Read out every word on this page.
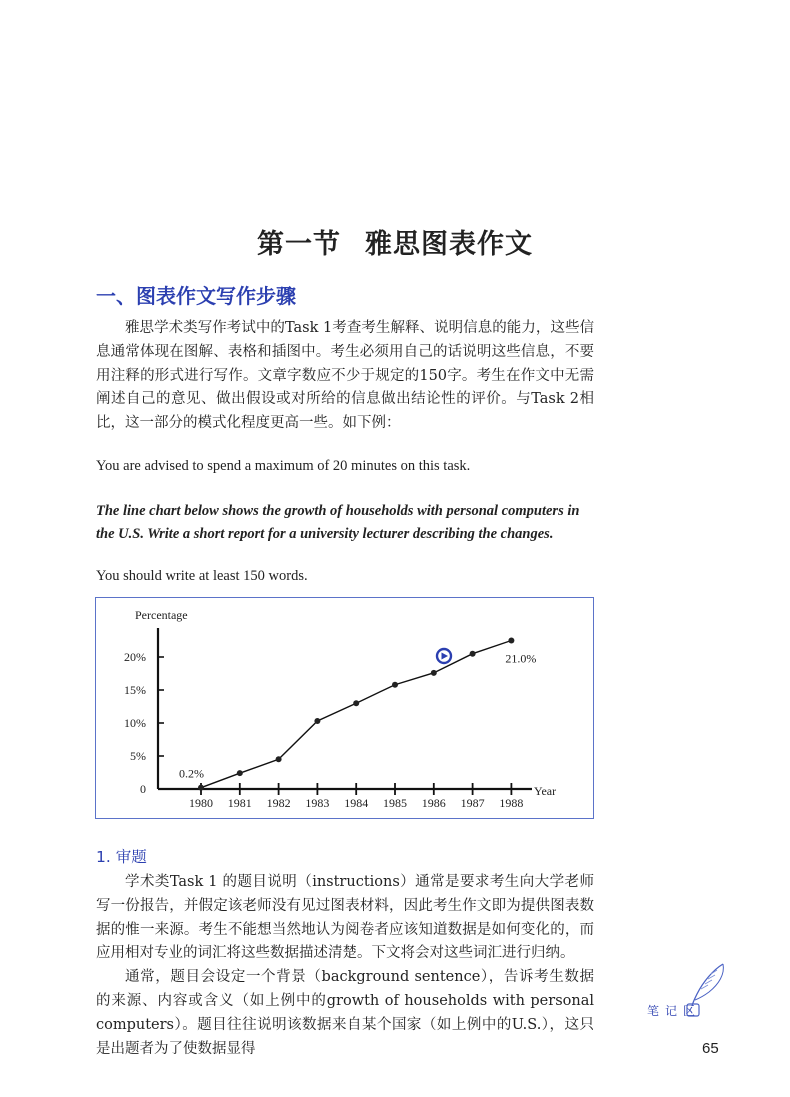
第一节 雅思图表作文
一、图表作文写作步骤

雅思学术类写作考试中的Task 1考查考生解释、说明信息的能力，这些信息通常体现在图解、表格和插图中。考生必须用自己的话说明这些信息，不要用注释的形式进行写作。文章字数应不少于规定的150字。考生在作文中无需阐述自己的意见、做出假设或对所给的信息做出结论性的评价。与Task 2相比，这一部分的模式化程度更高一些。如下例：

You are advised to spend a maximum of 20 minutes on this task.
The line chart below shows the growth of households with personal computers in the U.S. Write a short report for a university lecturer describing the changes.
You should write at least 150 words.
Percentage
Year
0
5%
10%
15%
20%
1980 1981 1982 1983 1984 1985 1986 1987 1988
0.2%
21.0%
1. 审题

学术类Task 1 的题目说明（instructions）通常是要求考生向大学老师写一份报告，并假定该老师没有见过图表材料，因此考生作文即为提供图表数据的惟一来源。考生不能想当然地认为阅卷者应该知道数据是如何变化的，而应用相对专业的词汇将这些数据描述清楚。下文将会对这些词汇进行归纳。

通常，题目会设定一个背景（background sentence），告诉考生数据的来源、内容或含义（如上例中的growth of households with personal computers）。题目往往说明该数据来自某个国家（如上例中的U.S.），这只是出题者为了使数据显得

笔记区
65
